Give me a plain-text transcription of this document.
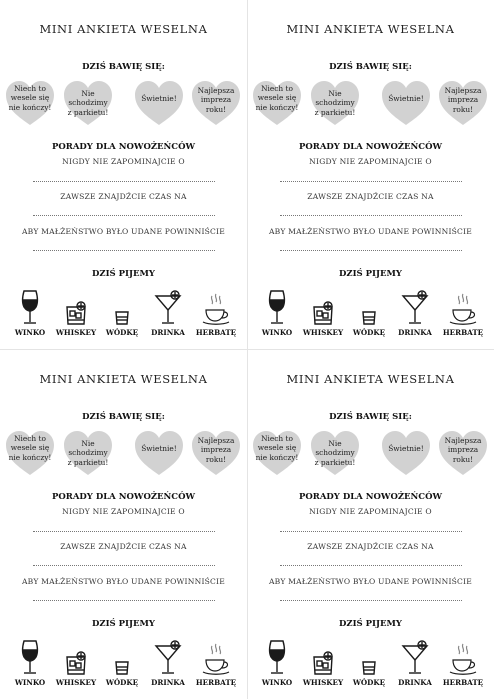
MINI ANKIETA WESELNA
DZIŚ BAWIĘ SIĘ:
Niech to
wesele się
nie kończy!
Nie schodzimy
z parkietu!
Świetnie!
Najlepsza
impreza
roku!
PORADY DLA NOWOŻEŃCÓW
NIGDY NIE ZAPOMINAJCIE O
ZAWSZE ZNAJDŹCIE CZAS NA
ABY MAŁŻEŃSTWO BYŁO UDANE POWINNIŚCIE
DZIŚ PIJEMY
WINKO	WHISKEY	WÓDKĘ	DRINKA	HERBATĘ
MINI ANKIETA WESELNA
DZIŚ BAWIĘ SIĘ:
Niech to
wesele się
nie kończy!
Nie schodzimy
z parkietu!
Świetnie!
Najlepsza
impreza
roku!
PORADY DLA NOWOŻEŃCÓW
NIGDY NIE ZAPOMINAJCIE O
ZAWSZE ZNAJDŹCIE CZAS NA
ABY MAŁŻEŃSTWO BYŁO UDANE POWINNIŚCIE
DZIŚ PIJEMY
WINKO	WHISKEY	WÓDKĘ	DRINKA	HERBATĘ
MINI ANKIETA WESELNA
DZIŚ BAWIĘ SIĘ:
Niech to
wesele się
nie kończy!
Nie schodzimy
z parkietu!
Świetnie!
Najlepsza
impreza
roku!
PORADY DLA NOWOŻEŃCÓW
NIGDY NIE ZAPOMINAJCIE O
ZAWSZE ZNAJDŹCIE CZAS NA
ABY MAŁŻEŃSTWO BYŁO UDANE POWINNIŚCIE
DZIŚ PIJEMY
WINKO	WHISKEY	WÓDKĘ	DRINKA	HERBATĘ
MINI ANKIETA WESELNA
DZIŚ BAWIĘ SIĘ:
Niech to
wesele się
nie kończy!
Nie schodzimy
z parkietu!
Świetnie!
Najlepsza
impreza
roku!
PORADY DLA NOWOŻEŃCÓW
NIGDY NIE ZAPOMINAJCIE O
ZAWSZE ZNAJDŹCIE CZAS NA
ABY MAŁŻEŃSTWO BYŁO UDANE POWINNIŚCIE
DZIŚ PIJEMY
WINKO	WHISKEY	WÓDKĘ	DRINKA	HERBATĘ
